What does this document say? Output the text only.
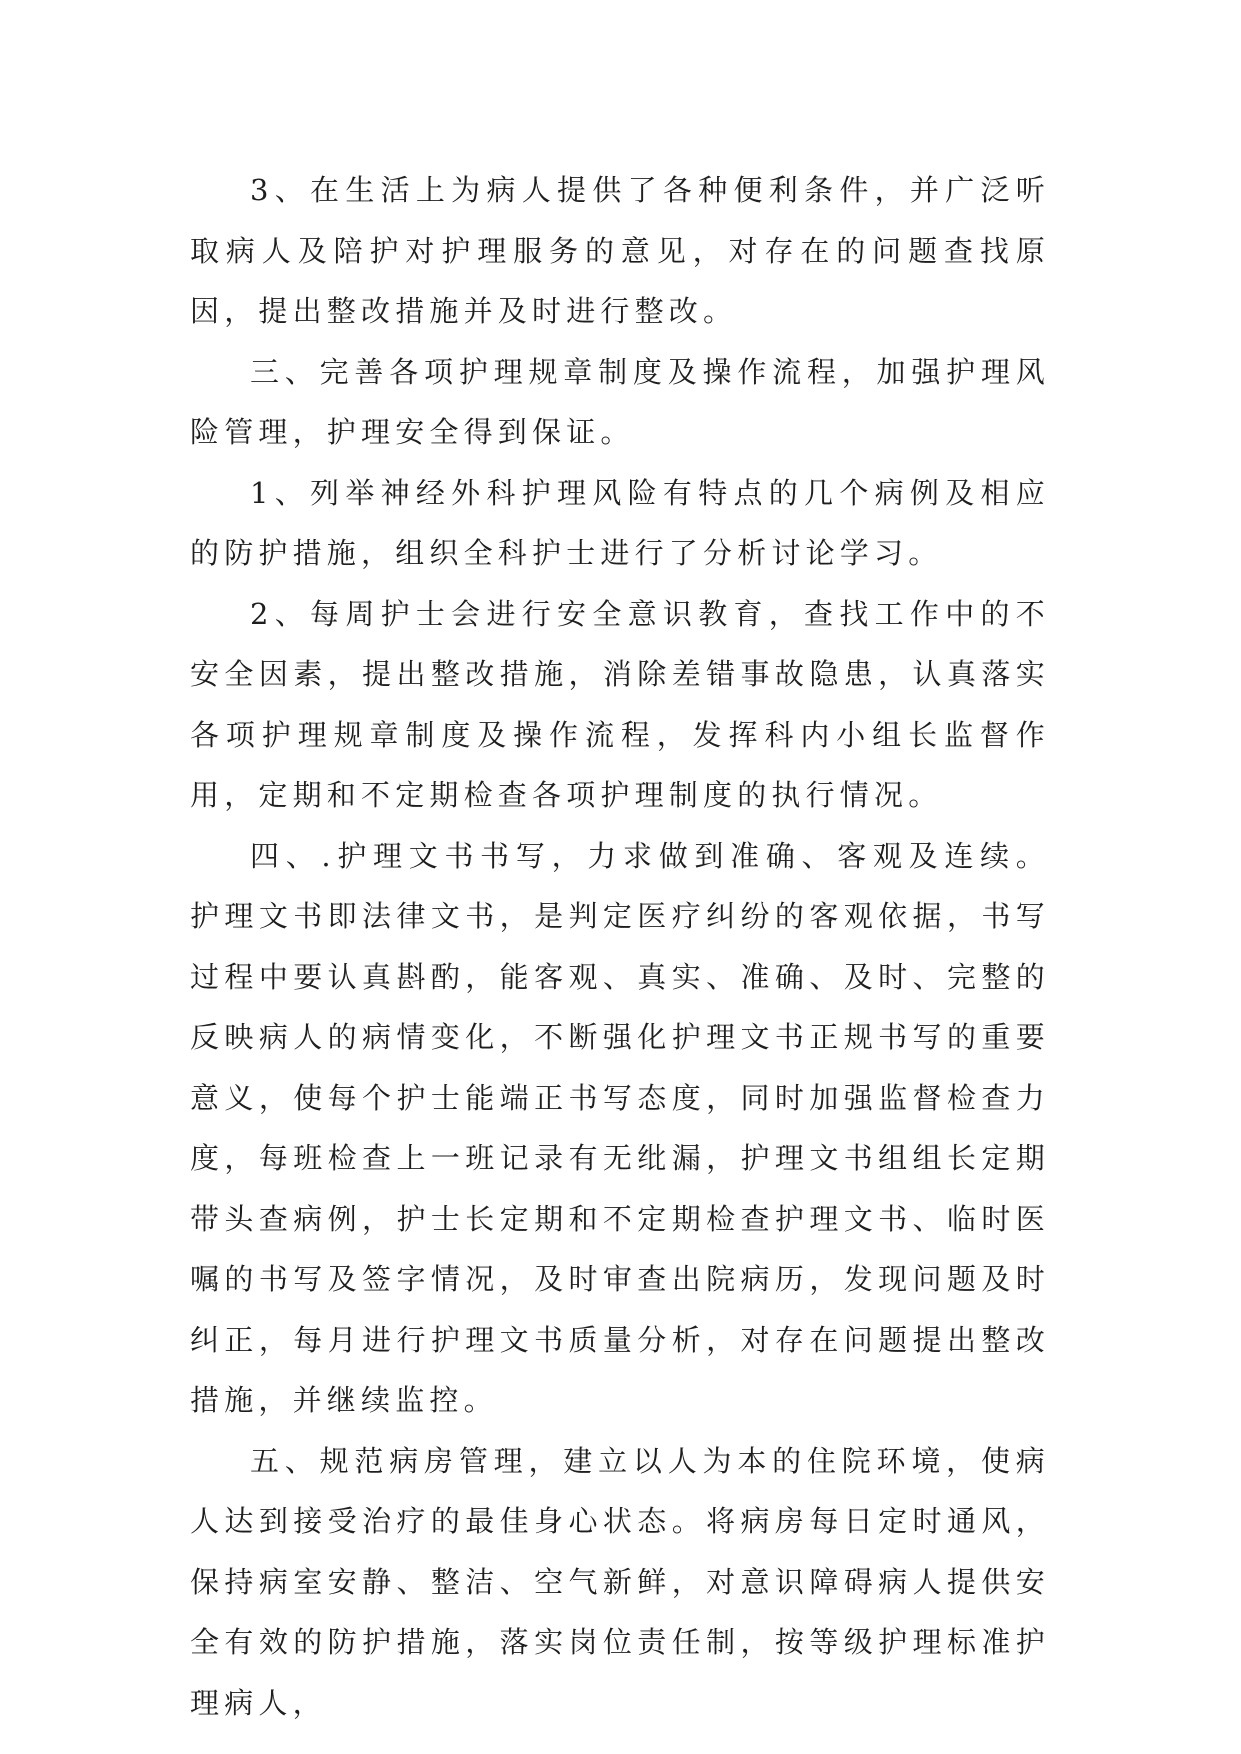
3、在生活上为病人提供了各种便利条件，并广泛听取病人及陪护对护理服务的意见，对存在的问题查找原因，提出整改措施并及时进行整改。

三、完善各项护理规章制度及操作流程，加强护理风险管理，护理安全得到保证。

1、列举神经外科护理风险有特点的几个病例及相应的防护措施，组织全科护士进行了分析讨论学习。

2、每周护士会进行安全意识教育，查找工作中的不安全因素，提出整改措施，消除差错事故隐患，认真落实各项护理规章制度及操作流程，发挥科内小组长监督作用，定期和不定期检查各项护理制度的执行情况。

四、.护理文书书写，力求做到准确、客观及连续。护理文书即法律文书，是判定医疗纠纷的客观依据，书写过程中要认真斟酌，能客观、真实、准确、及时、完整的反映病人的病情变化，不断强化护理文书正规书写的重要意义，使每个护士能端正书写态度，同时加强监督检查力度，每班检查上一班记录有无纰漏，护理文书组组长定期带头查病例，护士长定期和不定期检查护理文书、临时医嘱的书写及签字情况，及时审查出院病历，发现问题及时纠正，每月进行护理文书质量分析，对存在问题提出整改措施，并继续监控。

五、规范病房管理，建立以人为本的住院环境，使病人达到接受治疗的最佳身心状态。将病房每日定时通风，保持病室安静、整洁、空气新鲜，对意识障碍病人提供安全有效的防护措施，落实岗位责任制，按等级护理标准护理病人，
